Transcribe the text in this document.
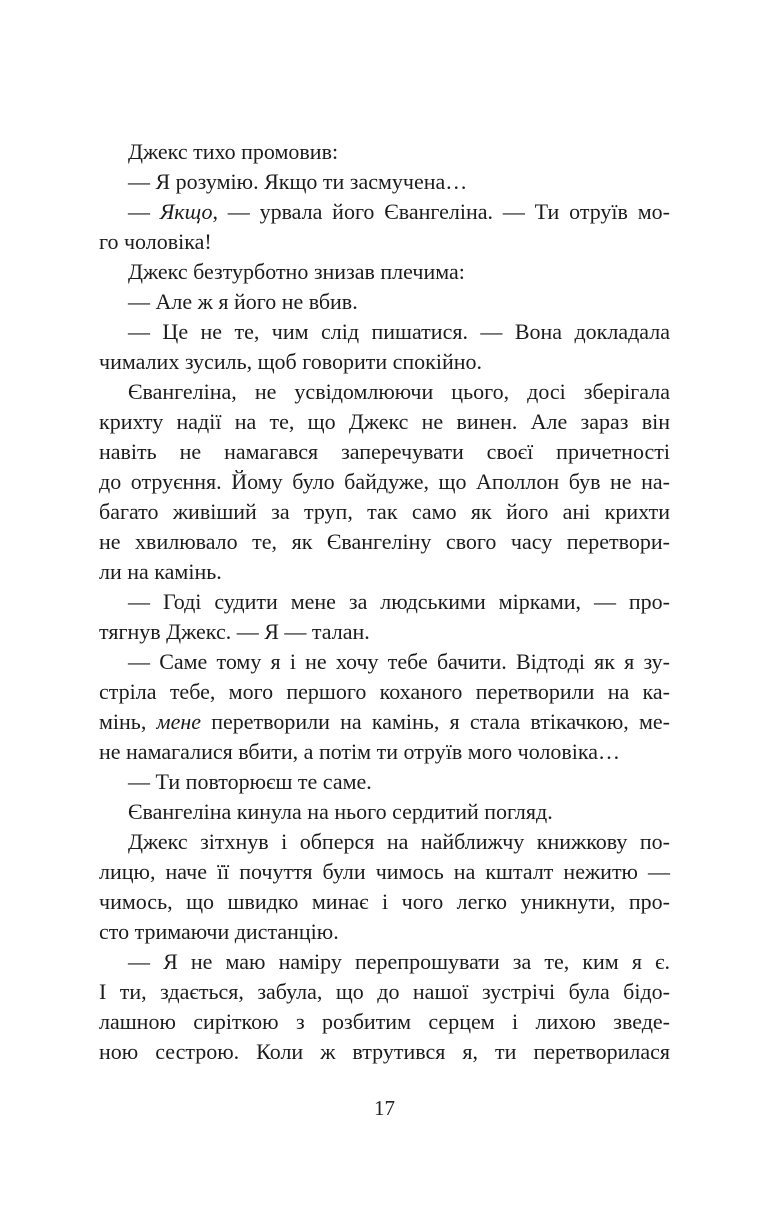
Джекс тихо промовив:
— Я розумію. Якщо ти засмучена…
— Якщо, — урвала його Євангеліна. — Ти отруїв мо-
го чоловіка!
Джекс безтурботно знизав плечима:
— Але ж я його не вбив.
— Це не те, чим слід пишатися. — Вона докладала
чималих зусиль, щоб говорити спокійно.
Євангеліна, не усвідомлюючи цього, досі зберігала
крихту надії на те, що Джекс не винен. Але зараз він
навіть не намагався заперечувати своєї причетності
до отруєння. Йому було байдуже, що Аполлон був не на-
багато живіший за труп, так само як його ані крихти
не хвилювало те, як Євангеліну свого часу перетвори-
ли на камінь.
— Годі судити мене за людськими мірками, — про-
тягнув Джекс. — Я — талан.
— Саме тому я і не хочу тебе бачити. Відтоді як я зу-
стріла тебе, мого першого коханого перетворили на ка-
мінь, мене перетворили на камінь, я стала втікачкою, ме-
не намагалися вбити, а потім ти отруїв мого чоловіка…
— Ти повторюєш те саме.
Євангеліна кинула на нього сердитий погляд.
Джекс зітхнув і обперся на найближчу книжкову по-
лицю, наче її почуття були чимось на кшталт нежитю —
чимось, що швидко минає і чого легко уникнути, про-
сто тримаючи дистанцію.
— Я не маю наміру перепрошувати за те, ким я є.
І ти, здається, забула, що до нашої зустрічі була бідо-
лашною сиріткою з розбитим серцем і лихою зведе-
ною сестрою. Коли ж втрутився я, ти перетворилася
17
